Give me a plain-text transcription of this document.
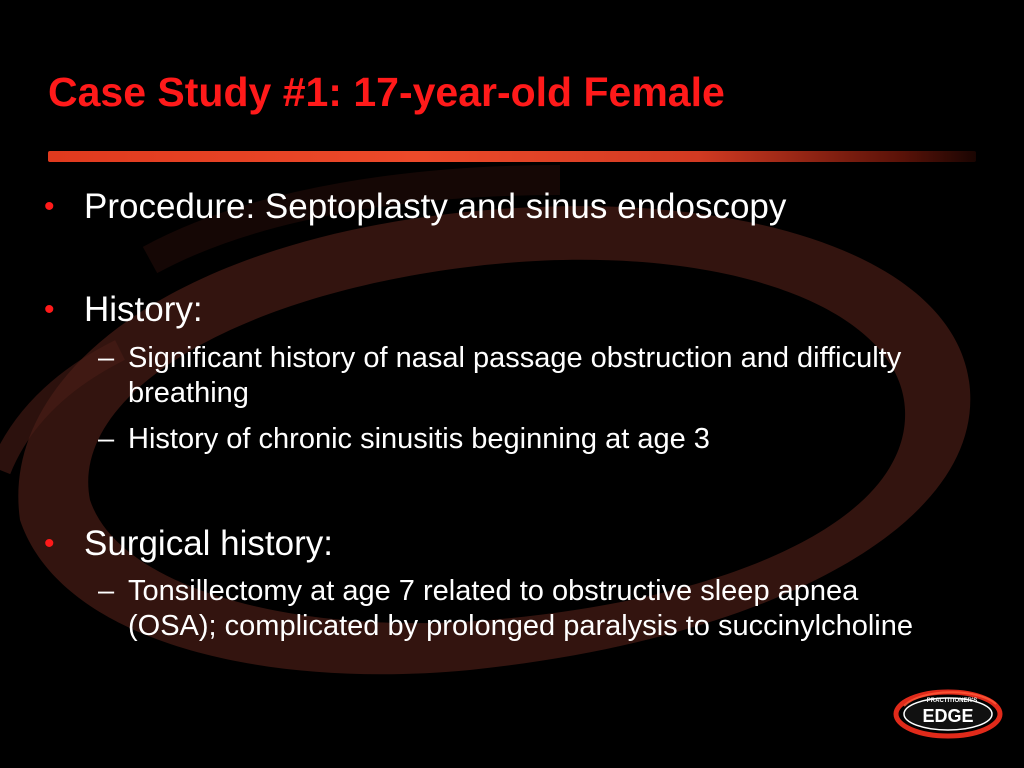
Case Study #1: 17-year-old Female
• Procedure: Septoplasty and sinus endoscopy
• History:
– Significant history of nasal passage obstruction and difficulty breathing
– History of chronic sinusitis beginning at age 3
• Surgical history:
– Tonsillectomy at age 7 related to obstructive sleep apnea (OSA); complicated by prolonged paralysis to succinylcholine
PRACTITIONER'S
EDGE
